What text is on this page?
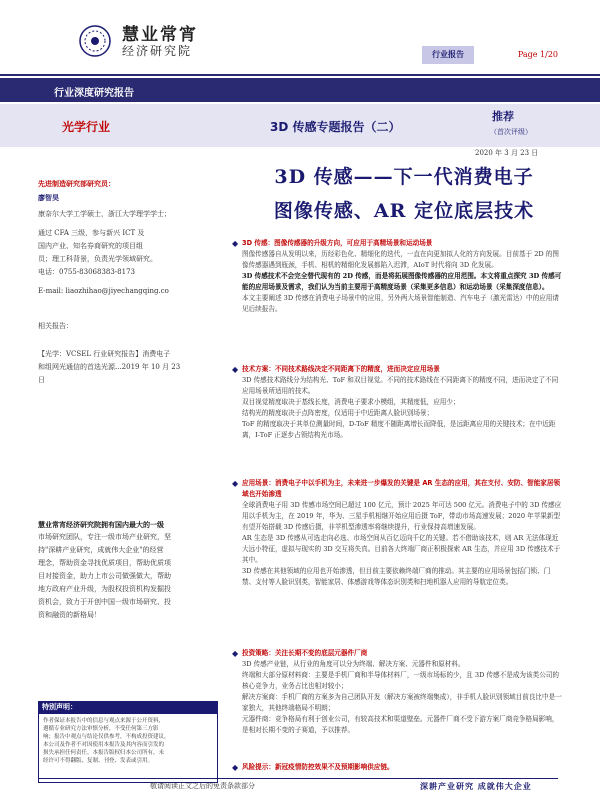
慧业常宵
经济研究院	行业报告	Page 1/20
行业深度研究报告
光学行业	3D 传感专题报告（二）
推荐
（首次评级）
2020 年 3 月 23 日
3D 传感——下一代消费电子
图像传感、AR 定位底层技术
先进制造研究部研究员：
廖智昊
康奈尔大学工学硕士，浙江大学理学学士；
通过 CFA 三级，参与新兴 ICT 及
国内产业、知名券商研究的项目组
员；理工科背景，负责光学领域研究。
电话：0755-83068383-8173
E-mail: liaozhihao@jiyechangqing.co
相关报告：
【光学：VCSEL 行业研究报告】消费电子
和组网光通信的首选光源...2019 年 10 月 23
日
慧业常宵经济研究院拥有国内最大的一级
市场研究团队，专注一级市场产业研究，坚
持"深耕产业研究，成就伟大企业"的经营
理念，帮助资金寻找优质项目，帮助优质项
目对接资金，助力上市公司做强做大，帮助
地方政府产业升级，为股权投资机构发掘投
资机会，致力于开创中国一级市场研究、投
资和融资的新格局！
特别声明：
作者保证本报告中的信息与观点来源于公开资料，
遵循专业研究方法审慎分析，不受任何第三方影
响；报告中观点与结论仅供参考，不构成投资建议，
本公司及作者不对因使用本报告及其内容而引发的
损失承担任何责任。本报告版权归本公司所有，未
经许可不得翻版、复制、刊登、发表或引用。
◆ 3D 传感：图像传感器的升级方向，可应用于高精场景和运动场景

图像传感器自从发明以来，历经彩色化、精细化的迭代，一直在向更加拟人化的方向发展。目前基于 2D 的图像传感器遇到瓶颈，手机、相机的精细化发展都陷入迟滞，AIoT 时代将向 3D 化发展。

3D 传感技术不会完全替代现有的 2D 传感，而是将拓展图像传感器的应用范围。本文将重点探究 3D 传感可能的应用场景及需求，我们认为当前主要用于高精度场景（采集更多信息）和运动场景（采集深度信息）。

本文主要阐述 3D 传感在消费电子场景中的应用，另外两大场景智能制造、汽车电子（激光雷达）中的应用请见后续报告。

◆ 技术方案：不同技术路线决定不同距离下的精度，进而决定应用场景

3D 传感技术路线分为结构光、ToF 和双目视觉。不同的技术路线在不同距离下的精度不同，进而决定了不同应用场景所适用的技术。

双目视觉精度取决于基线长度，消费电子要求小模组，其精度低，应用少；

结构光的精度取决于点阵密度，仅适用于中近距离人脸识别场景；

ToF 的精度取决于其单位测量时间，D-ToF 精度不随距离增长而降低，是远距离应用的关键技术；在中近距离，I-ToF 正逐步占领结构光市场。

◆ 应用场景：消费电子中以手机为主，未来进一步爆发的关键是 AR 生态的应用，其在支付、安防、智能家居领域也开始渗透

全球消费电子用 3D 传感市场空间已超过 100 亿元，预计 2025 年可达 500 亿元。消费电子中的 3D 传感应用以手机为主，在 2019 年，华为、三星手机相继开始应用后摄 ToF，带动市场高速发展；2020 年苹果新型有望开始搭载 3D 传感后摄，非苹机型渗透率将继续提升，行业保持高增速发展。

AR 生态是 3D 传感从可选走向必选、市场空间从百亿迈向千亿的关键。若不借助该技术，则 AR 无法体现近大远小特征，虚拟与现实的 3D 交互将失真。目前各大终端厂商正积极探索 AR 生态，并应用 3D 传感技术于其中。

3D 传感在其他领域的应用也开始渗透，但目前主要依赖终端厂商的推动。其主要的应用场景包括门锁、门禁、支付等人脸识别类，智能家居、体感游戏等体态识别类和扫地机器人应用的导航定位类。

◆ 投资策略：关注长期不变的底层元器件厂商

3D 传感产业链，从行业的角度可以分为终端、解决方案、元器件和原材料。

终端和大部分原材料商：主要是手机厂商和半导体材料厂，一级市场标的少，且 3D 传感不是成为该类公司的核心竞争力，业务占比也相对较小；

解决方案商：手机厂商的方案多为自己团队开发（解决方案被终端集成），非手机人脸识别领域目前良比中是一家独大，其他终端格局不明朗；

元器件商：竞争格局有利于创业公司，有较高技术和渠道壁垒。元器件厂商不受下游方案厂商竞争格局影响，是相对长期不变的子赛道，予以推荐。

◆ 风险提示：新冠疫情防控效果不及预期影响供应链。

敬请阅读正文之后的免责条款部分	深耕产业研究 成就伟大企业
